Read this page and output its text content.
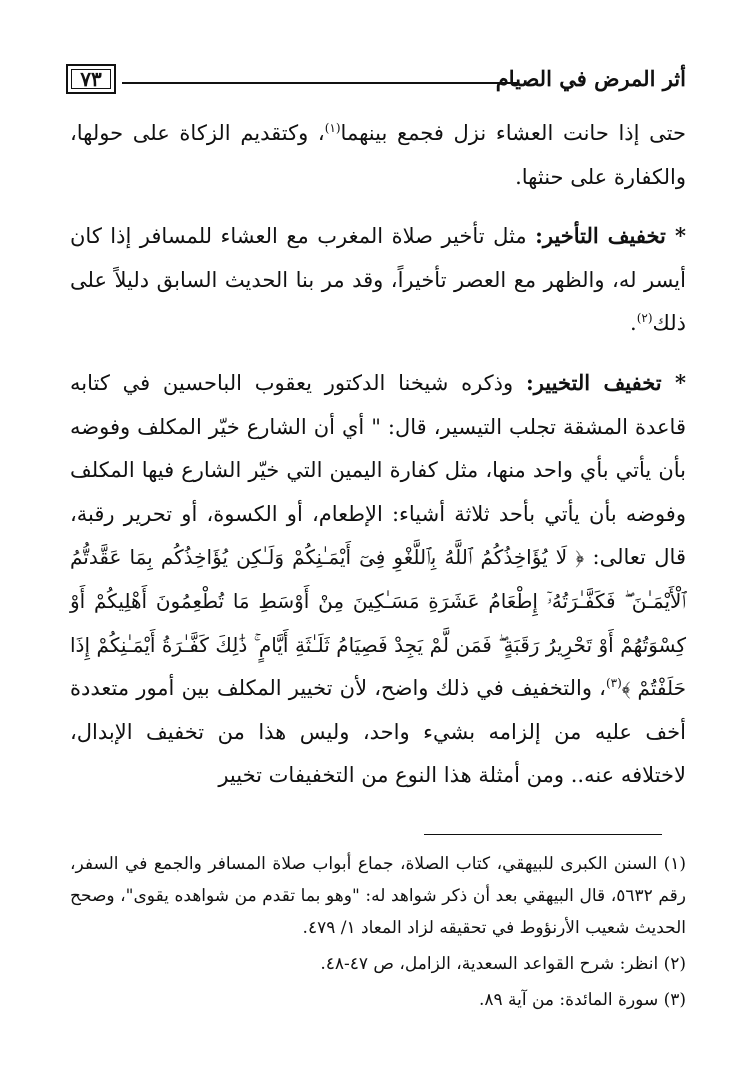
٧٣	أثر المرض في الصيام

حتى إذا حانت العشاء نزل فجمع بينهما$^{(١)}$، وكتقديم الزكاة على حولها، والكفارة على حنثها.

* تخفيف التأخير: مثل تأخير صلاة المغرب مع العشاء للمسافر إذا كان أيسر له، والظهر مع العصر تأخيراً، وقد مر بنا الحديث السابق دليلاً على ذلك$^{(٢)}$.

* تخفيف التخيير: وذكره شيخنا الدكتور يعقوب الباحسين في كتابه قاعدة المشقة تجلب التيسير، قال: " أي أن الشارع خيّر المكلف وفوضه بأن يأتي بأي واحد منها، مثل كفارة اليمين التي خيّر الشارع فيها المكلف وفوضه بأن يأتي بأحد ثلاثة أشياء: الإطعام، أو الكسوة، أو تحرير رقبة، قال تعالى: ﴿ لَا يُؤَاخِذُكُمُ ٱللَّهُ بِٱللَّغْوِ فِىٓ أَيْمَـٰنِكُمْ وَلَـٰكِن يُؤَاخِذُكُم بِمَا عَقَّدتُّمُ ٱلْأَيْمَـٰنَ ۖ فَكَفَّـٰرَتُهُۥٓ إِطْعَامُ عَشَرَةِ مَسَـٰكِينَ مِنْ أَوْسَطِ مَا تُطْعِمُونَ أَهْلِيكُمْ أَوْ كِسْوَتُهُمْ أَوْ تَحْرِيرُ رَقَبَةٍ ۖ فَمَن لَّمْ يَجِدْ فَصِيَامُ ثَلَـٰثَةِ أَيَّامٍ ۚ ذَٰلِكَ كَفَّـٰرَةُ أَيْمَـٰنِكُمْ إِذَا حَلَفْتُمْ ﴾$^{(٣)}$، والتخفيف في ذلك واضح، لأن تخيير المكلف بين أمور متعددة أخف عليه من إلزامه بشيء واحد، وليس هذا من تخفيف الإبدال، لاختلافه عنه.. ومن أمثلة هذا النوع من التخفيفات تخيير

(١) السنن الكبرى للبيهقي، كتاب الصلاة، جماع أبواب صلاة المسافر والجمع في السفر، رقم ٥٦٣٢، قال البيهقي بعد أن ذكر شواهد له: "وهو بما تقدم من شواهده يقوى"، وصحح الحديث شعيب الأرنؤوط في تحقيقه لزاد المعاد ١/ ٤٧٩.

(٢) انظر: شرح القواعد السعدية، الزامل، ص ٤٧-٤٨.

(٣) سورة المائدة: من آية ٨٩.
